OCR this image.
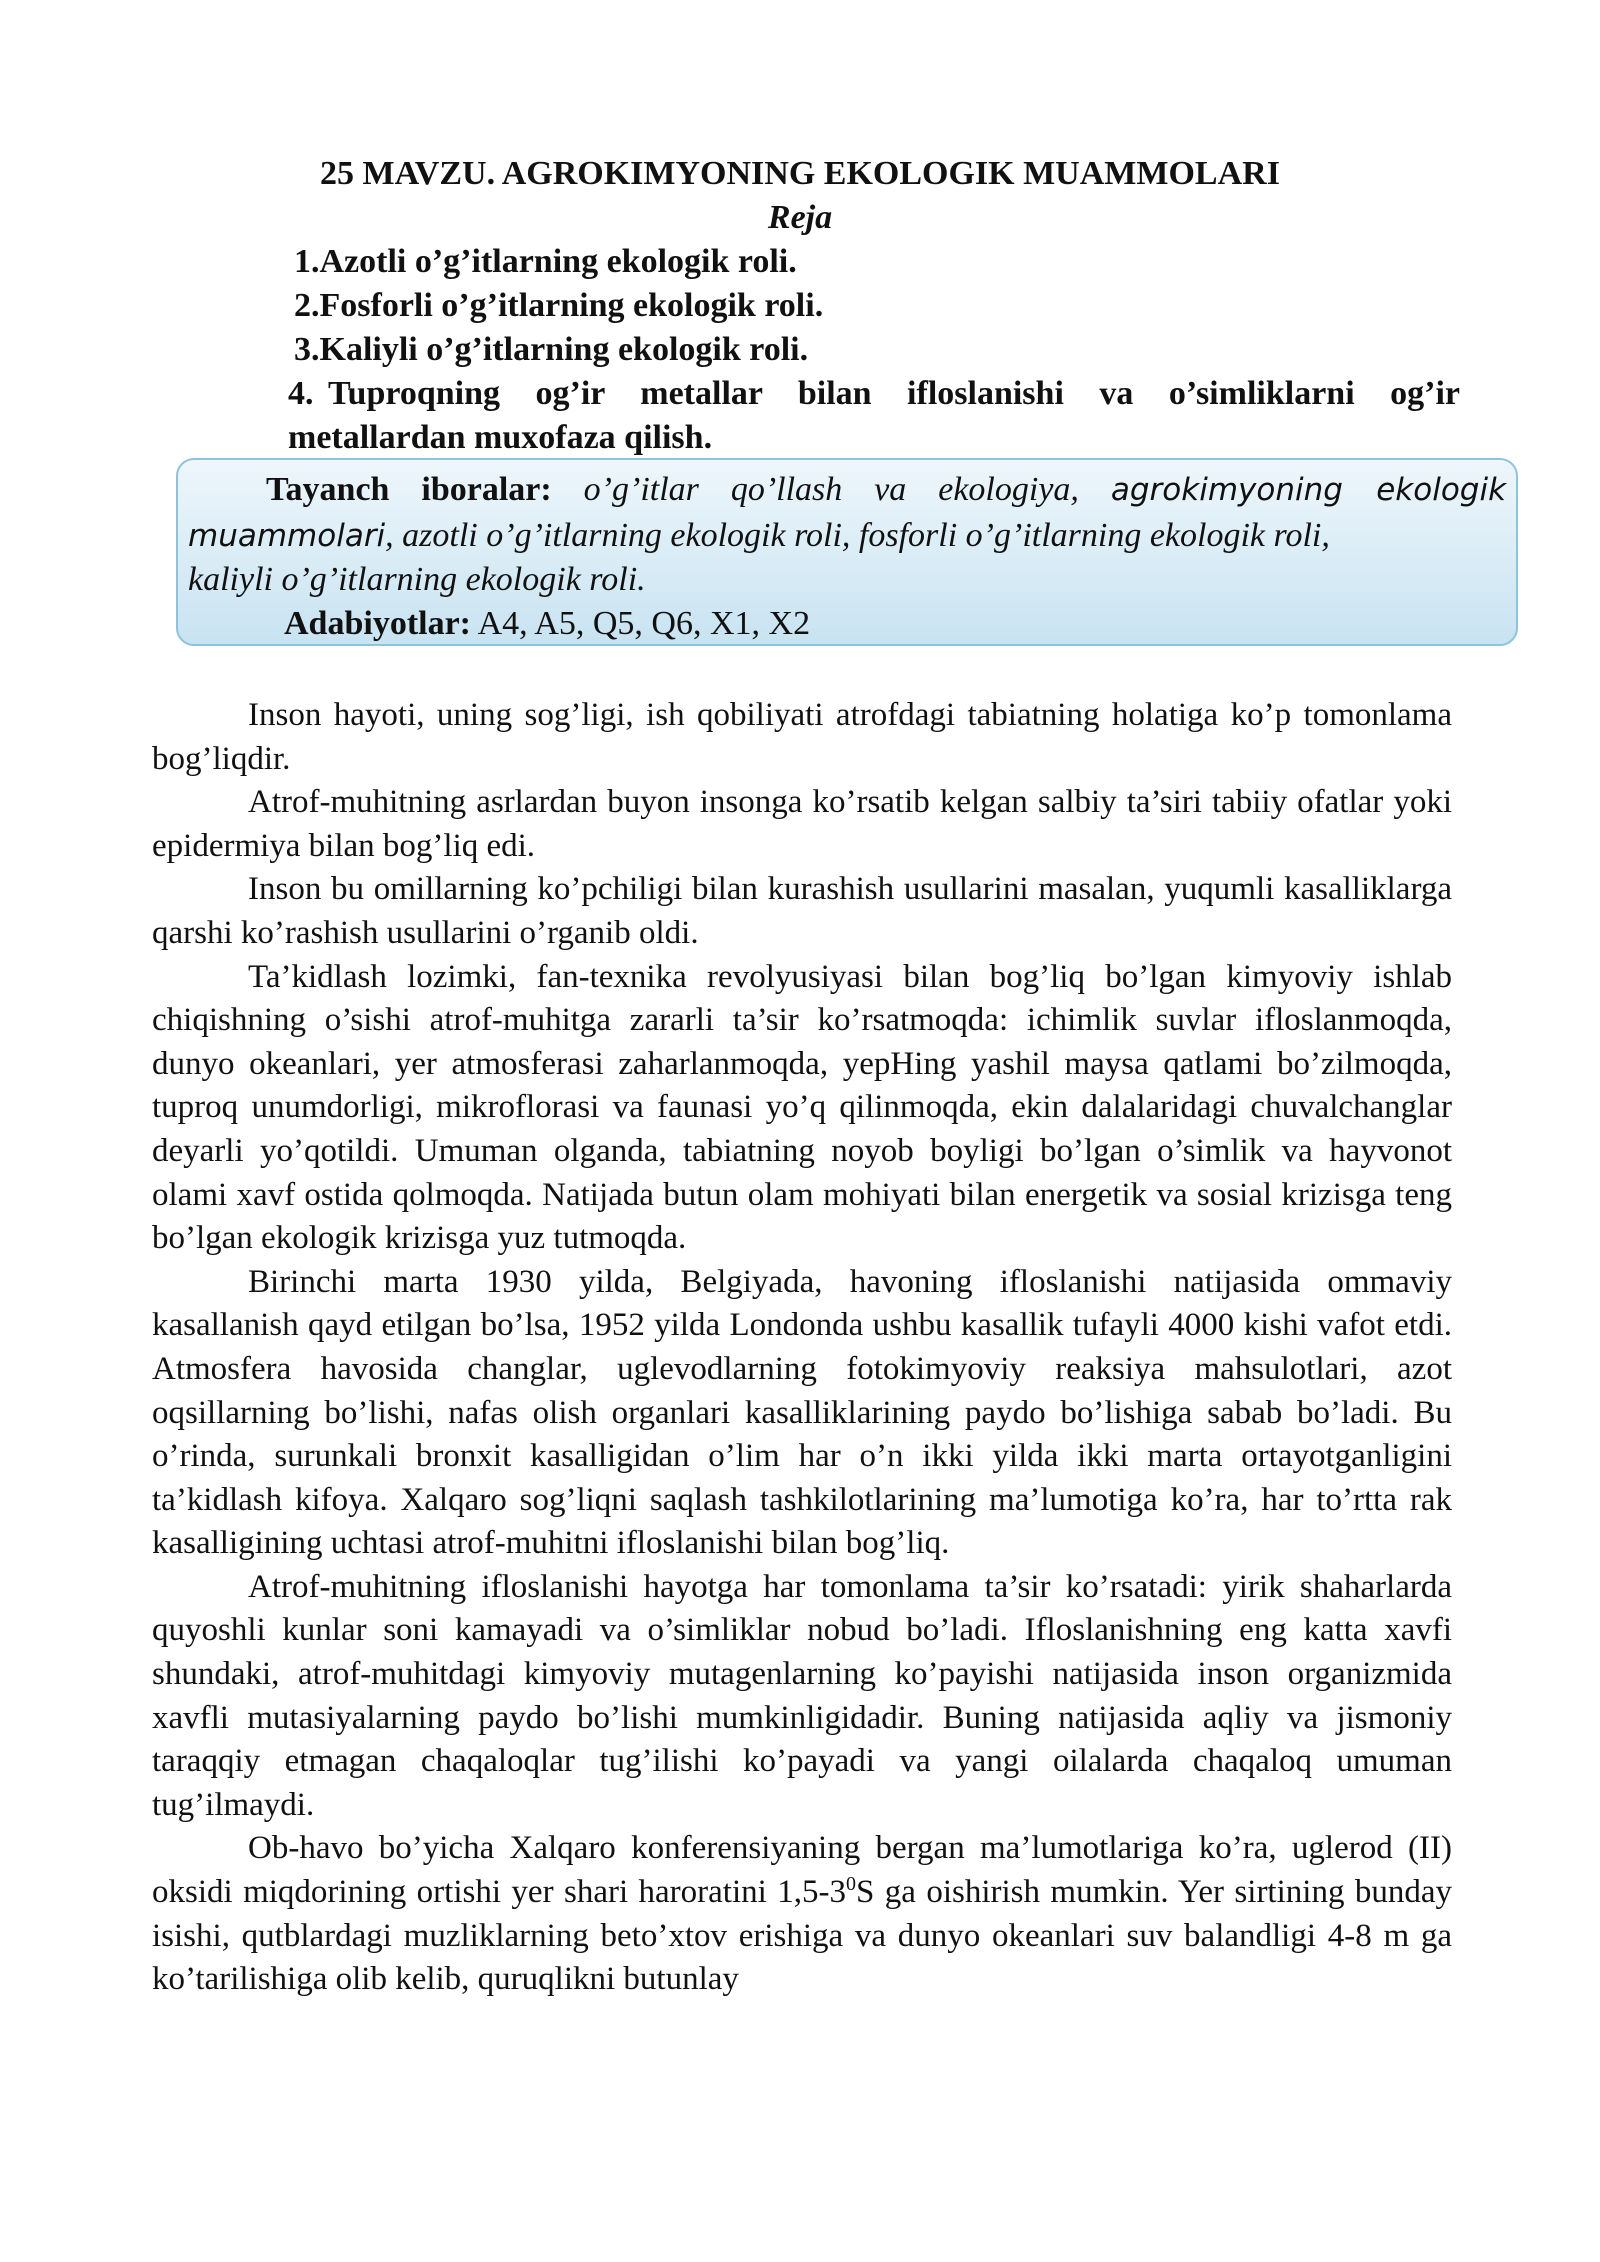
25 MAVZU. AGROKIMYONING EKOLOGIK MUAMMOLARI
Reja
1.Azotli o’g’itlarning ekologik roli.
2.Fosforli o’g’itlarning ekologik roli.
3.Kaliyli o’g’itlarning ekologik roli.
4. Tuproqning og’ir metallar bilan ifloslanishi va o’simliklarni og’ir
metallardan muxofaza qilish.
Tayanch iboralar: o’g’itlar qo’llash va ekologiya, agrokimyoning ekologik
muammolari, azotli o’g’itlarning ekologik roli, fosforli o’g’itlarning ekologik roli,
kaliyli o’g’itlarning ekologik roli.
Adabiyotlar: A4, A5, Q5, Q6, X1, X2

Inson hayoti, uning sog’ligi, ish qobiliyati atrofdagi tabiatning holatiga ko’p tomonlama bog’liqdir.

Atrof-muhitning asrlardan buyon insonga ko’rsatib kelgan salbiy ta’siri tabiiy ofatlar yoki epidermiya bilan bog’liq edi.

Inson bu omillarning ko’pchiligi bilan kurashish usullarini masalan, yuqumli kasalliklarga qarshi ko’rashish usullarini o’rganib oldi.

Ta’kidlash lozimki, fan-texnika revolyusiyasi bilan bog’liq bo’lgan kimyoviy ishlab chiqishning o’sishi atrof-muhitga zararli ta’sir ko’rsatmoqda: ichimlik suvlar ifloslanmoqda, dunyo okeanlari, yer atmosferasi zaharlanmoqda, yepHing yashil maysa qatlami bo’zilmoqda, tuproq unumdorligi, mikroflorasi va faunasi yo’q qilinmoqda, ekin dalalaridagi chuvalchanglar deyarli yo’qotildi. Umuman olganda, tabiatning noyob boyligi bo’lgan o’simlik va hayvonot olami xavf ostida qolmoqda. Natijada butun olam mohiyati bilan energetik va sosial krizisga teng bo’lgan ekologik krizisga yuz tutmoqda.

Birinchi marta 1930 yilda, Belgiyada, havoning ifloslanishi natijasida ommaviy kasallanish qayd etilgan bo’lsa, 1952 yilda Londonda ushbu kasallik tufayli 4000 kishi vafot etdi. Atmosfera havosida changlar, uglevodlarning fotokimyoviy reaksiya mahsulotlari, azot oqsillarning bo’lishi, nafas olish organlari kasalliklarining paydo bo’lishiga sabab bo’ladi. Bu o’rinda, surunkali bronxit kasalligidan o’lim har o’n ikki yilda ikki marta ortayotganligini ta’kidlash kifoya. Xalqaro sog’liqni saqlash tashkilotlarining ma’lumotiga ko’ra, har to’rtta rak kasalligining uchtasi atrof-muhitni ifloslanishi bilan bog’liq.

Atrof-muhitning ifloslanishi hayotga har tomonlama ta’sir ko’rsatadi: yirik shaharlarda quyoshli kunlar soni kamayadi va o’simliklar nobud bo’ladi. Ifloslanishning eng katta xavfi shundaki, atrof-muhitdagi kimyoviy mutagenlarning ko’payishi natijasida inson organizmida xavfli mutasiyalarning paydo bo’lishi mumkinligidadir. Buning natijasida aqliy va jismoniy taraqqiy etmagan chaqaloqlar tug’ilishi ko’payadi va yangi oilalarda chaqaloq umuman tug’ilmaydi.

Ob-havo bo’yicha Xalqaro konferensiyaning bergan ma’lumotlariga ko’ra, uglerod (II) oksidi miqdorining ortishi yer shari haroratini $1,5-3^0S$ ga oishirish mumkin. Yer sirtining bunday isishi, qutblardagi muzliklarning beto’xtov erishiga va dunyo okeanlari suv balandligi 4-8 m ga ko’tarilishiga olib kelib, quruqlikni butunlay
